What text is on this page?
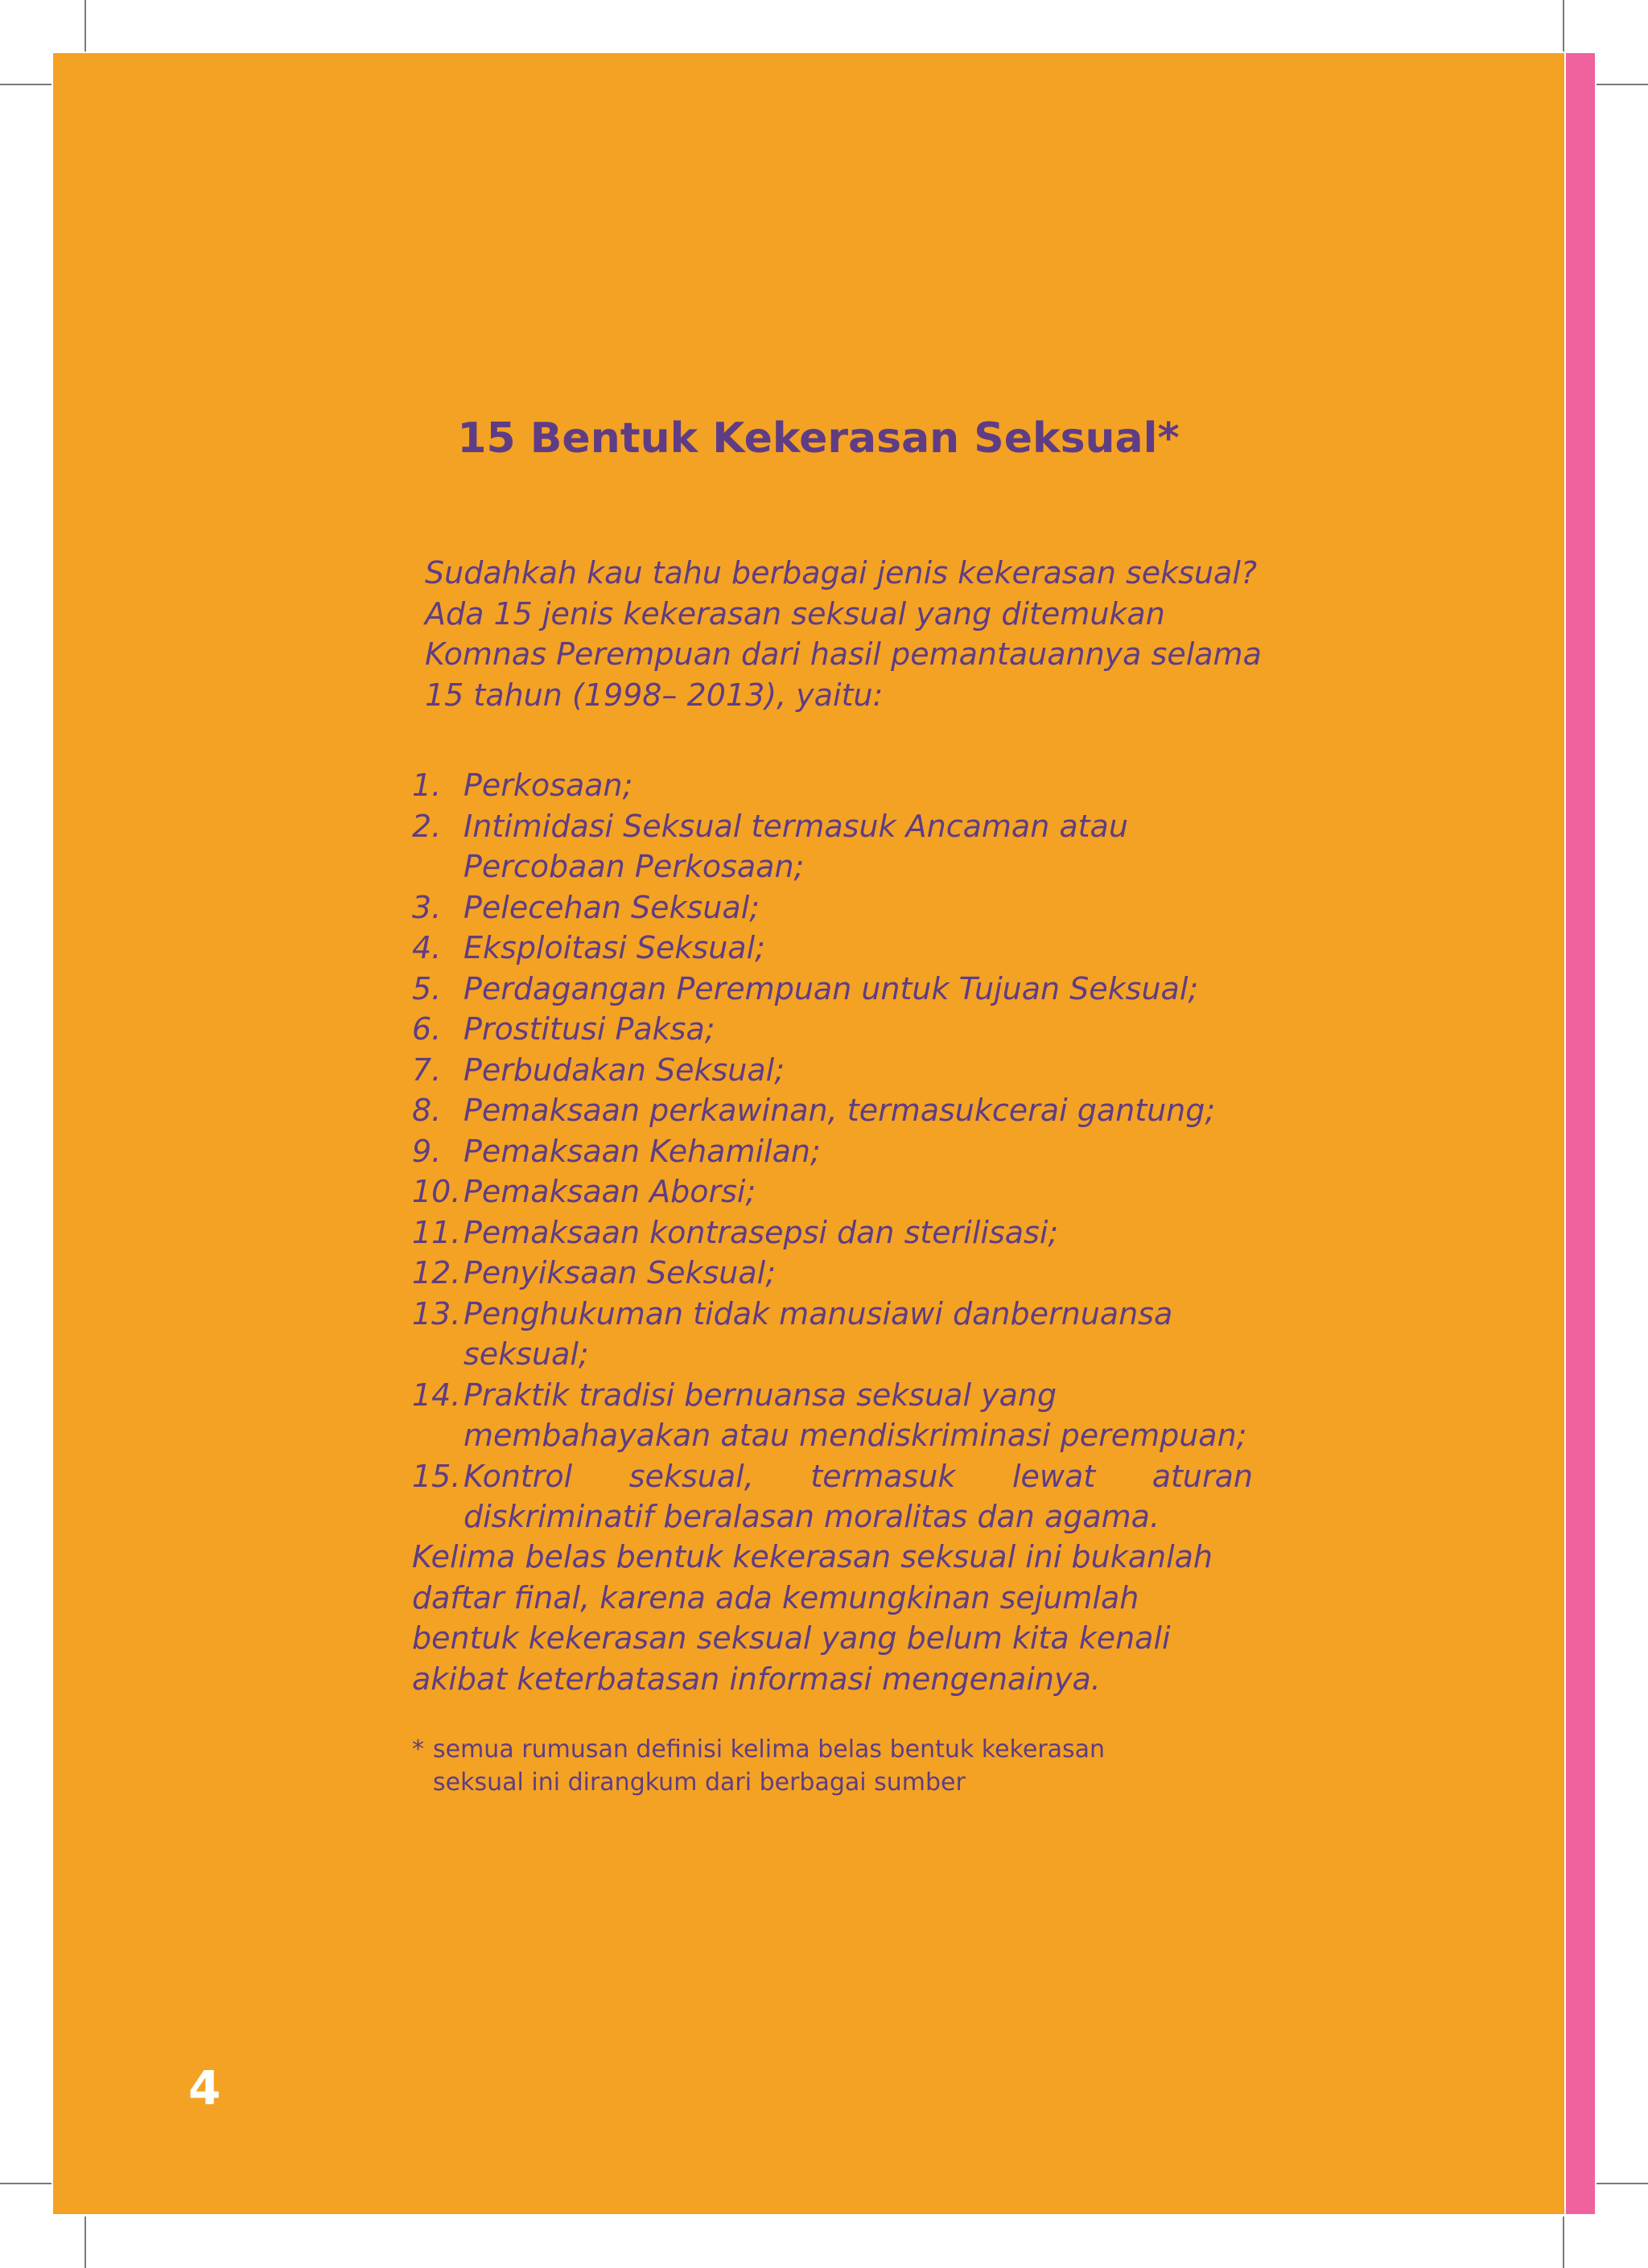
15 Bentuk Kekerasan Seksual*

Sudahkah kau tahu berbagai jenis kekerasan seksual? Ada 15 jenis kekerasan seksual yang ditemukan Komnas Perempuan dari hasil pemantauannya selama 15 tahun (1998– 2013), yaitu:

1. Perkosaan;
2. Intimidasi Seksual termasuk Ancaman atau Percobaan Perkosaan;
3. Pelecehan Seksual;
4. Eksploitasi Seksual;
5. Perdagangan Perempuan untuk Tujuan Seksual;
6. Prostitusi Paksa;
7. Perbudakan Seksual;
8. Pemaksaan perkawinan, termasukcerai gantung;
9. Pemaksaan Kehamilan;
10. Pemaksaan Aborsi;
11. Pemaksaan kontrasepsi dan sterilisasi;
12. Penyiksaan Seksual;
13. Penghukuman tidak manusiawi danbernuansa seksual;
14. Praktik tradisi bernuansa seksual yang membahayakan atau mendiskriminasi perempuan;
15. Kontrol seksual, termasuk lewat aturan diskriminatif beralasan moralitas dan agama.

Kelima belas bentuk kekerasan seksual ini bukanlah daftar final, karena ada kemungkinan sejumlah bentuk kekerasan seksual yang belum kita kenali akibat keterbatasan informasi mengenainya.

* semua rumusan definisi kelima belas bentuk kekerasan seksual ini dirangkum dari berbagai sumber

4
